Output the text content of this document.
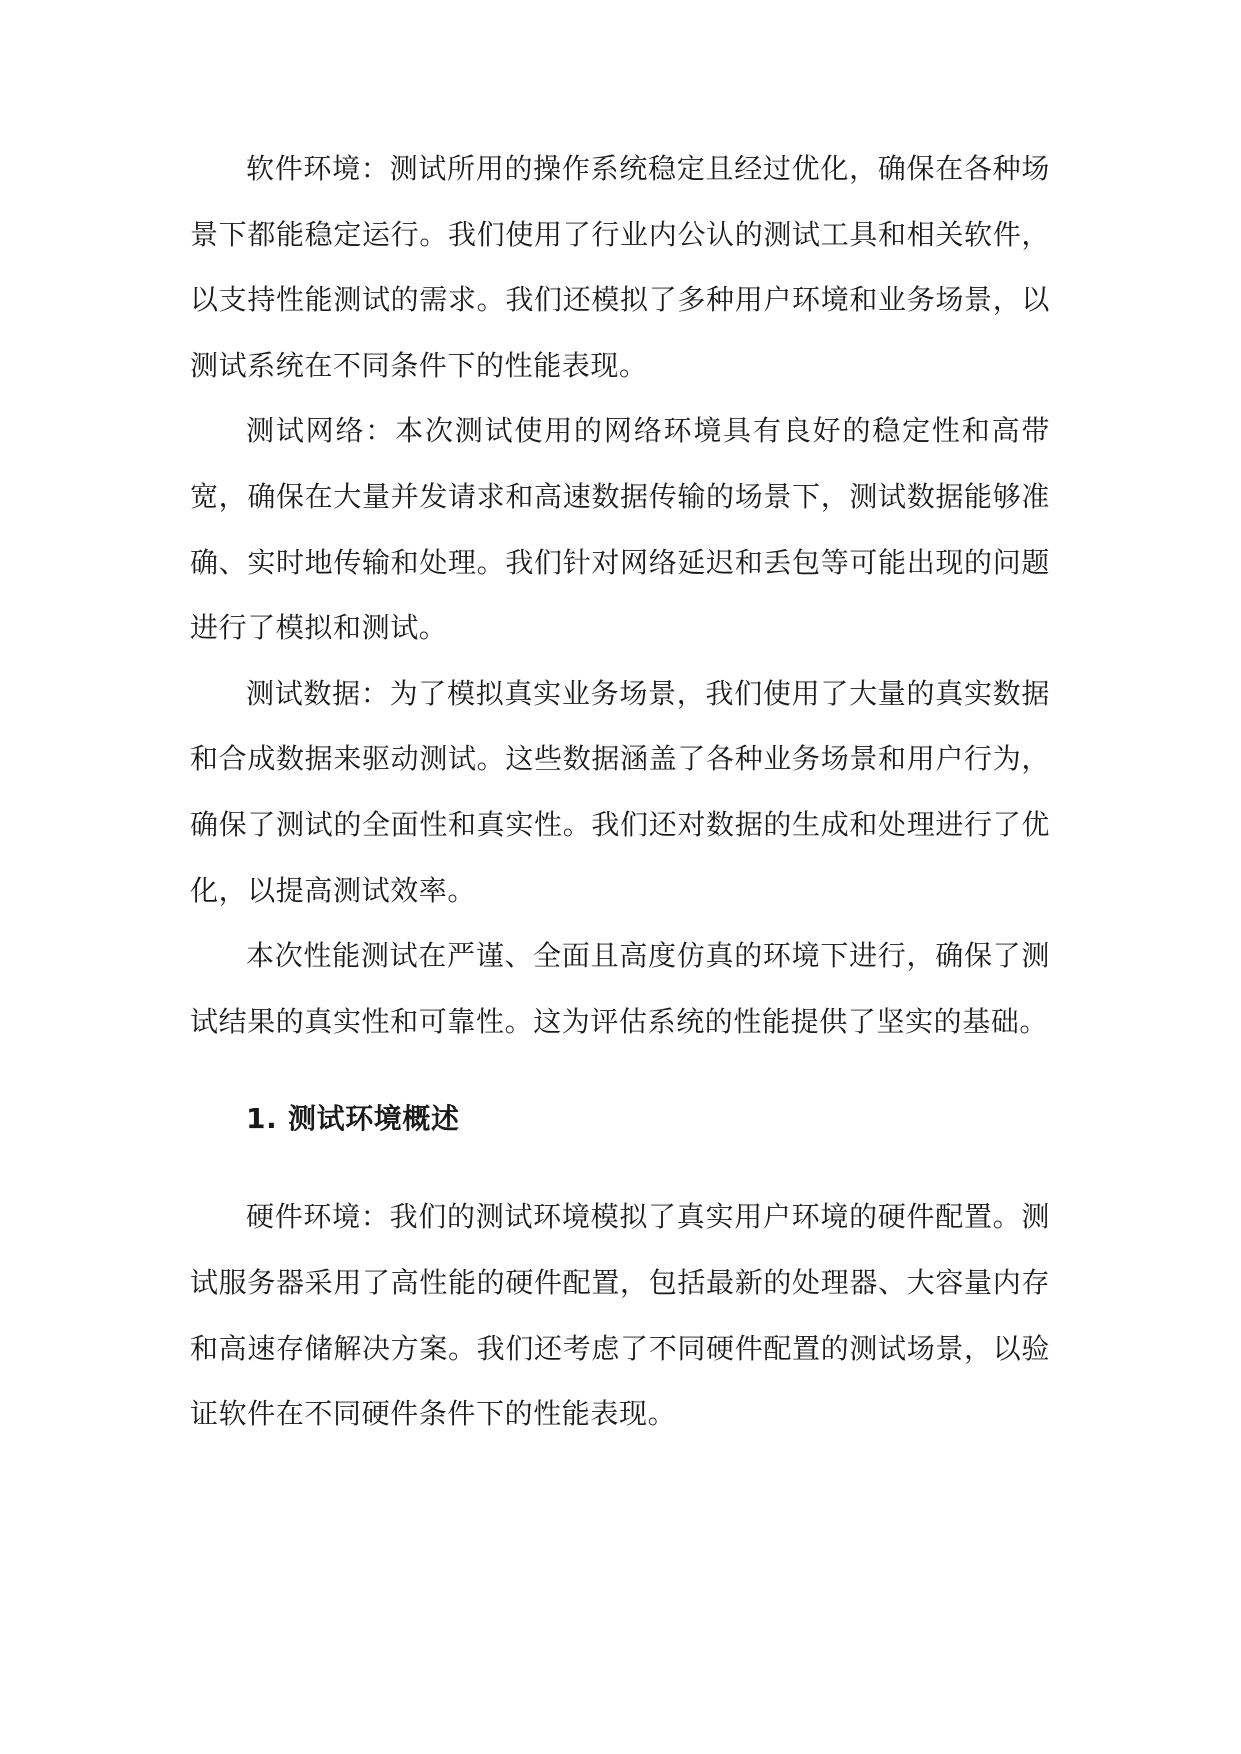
软件环境：测试所用的操作系统稳定且经过优化，确保在各种场景下都能稳定运行。我们使用了行业内公认的测试工具和相关软件，以支持性能测试的需求。我们还模拟了多种用户环境和业务场景，以测试系统在不同条件下的性能表现。

测试网络：本次测试使用的网络环境具有良好的稳定性和高带宽，确保在大量并发请求和高速数据传输的场景下，测试数据能够准确、实时地传输和处理。我们针对网络延迟和丢包等可能出现的问题进行了模拟和测试。

测试数据：为了模拟真实业务场景，我们使用了大量的真实数据和合成数据来驱动测试。这些数据涵盖了各种业务场景和用户行为，确保了测试的全面性和真实性。我们还对数据的生成和处理进行了优化，以提高测试效率。

本次性能测试在严谨、全面且高度仿真的环境下进行，确保了测试结果的真实性和可靠性。这为评估系统的性能提供了坚实的基础。

1. 测试环境概述

硬件环境：我们的测试环境模拟了真实用户环境的硬件配置。测试服务器采用了高性能的硬件配置，包括最新的处理器、大容量内存和高速存储解决方案。我们还考虑了不同硬件配置的测试场景，以验证软件在不同硬件条件下的性能表现。
